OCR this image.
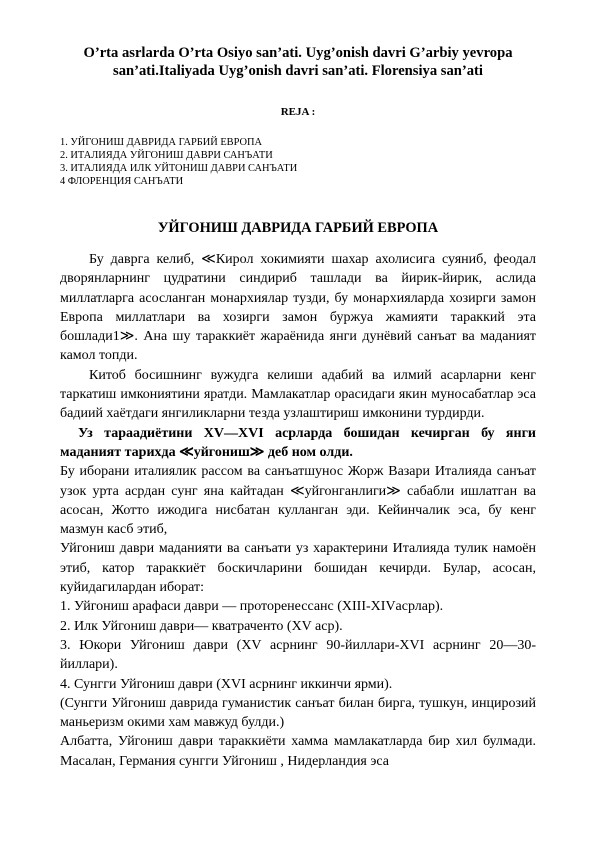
O’rta asrlarda O’rta Osiyo san’ati. Uyg’onish davri G’arbiy yevropa san’ati.Italiyada Uyg’onish davri san’ati. Florensiya san’ati
REJA :
1. УЙГОНИШ ДАВРИДА ГАРБИЙ ЕВРОПА
2. ИТАЛИЯДА УЙГОНИШ ДАВРИ САНЪАТИ
3. ИТАЛИЯДА ИЛК УЙТОНИШ ДАВРИ САНЪАТИ
4 ФЛОРЕНЦИЯ САНЪАТИ
УЙГОНИШ ДАВРИДА ГАРБИЙ ЕВРОПА

Бу даврга келиб, ≪Кирол хокимияти шахар ахолисига суяниб, феодал дворянларнинг цудратини синдириб ташлади ва йирик-йирик, аслида миллатларга асосланган монархиялар тузди, бу монархияларда хозирги замон Европа миллатлари ва хозирги замон буржуа жамияти тараккий эта бошлади1≫. Ана шу тараккиёт жараёнида янги дунёвий санъат ва маданият камол топди.

Китоб босишнинг вужудга келиши адабий ва илмий асарларни кенг таркатиш имкониятини яратди. Мамлакатлар орасидаги якин муносабатлар эса бадиий хаётдаги янгиликларни тезда узлаштириш имконини турдирди.

Уз тараадиётини XV—XVI асрларда бошидан кечирган бу янги маданият тарихда ≪уйгониш≫ деб ном олди.

Бу иборани италиялик рассом ва санъатшунос Жорж Вазари Италияда санъат узок урта асрдан сунг яна кайтадан ≪уйгонганлиги≫ сабабли ишлатган ва асосан, Жотто ижодига нисбатан кулланган эди. Кейинчалик эса, бу кенг мазмун касб этиб,

Уйгониш даври маданияти ва санъати уз характерини Италияда тулик намоён этиб, катор тараккиёт боскичларини бошидан кечирди. Булар, асосан, куйидагилардан иборат:

1. Уйгониш арафаси даври — проторенессанс (XIII-XIVасрлар).

2. Илк Уйгониш даври— кватраченто (XV аср).

3. Юкори Уйгониш даври (XV асрнинг 90-йиллари-XVI асрнинг 20—30-йиллари).

4. Сунгги Уйгониш даври (XVI асрнинг иккинчи ярми).

(Сунгги Уйгониш даврида гуманистик санъат билан бирга, тушкун, инцирозий маньеризм окими хам мавжуд булди.)

Албатта, Уйгониш даври тараккиёти хамма мамлакатларда бир хил булмади. Масалан, Германия сунгги Уйгониш , Нидерландия эса
